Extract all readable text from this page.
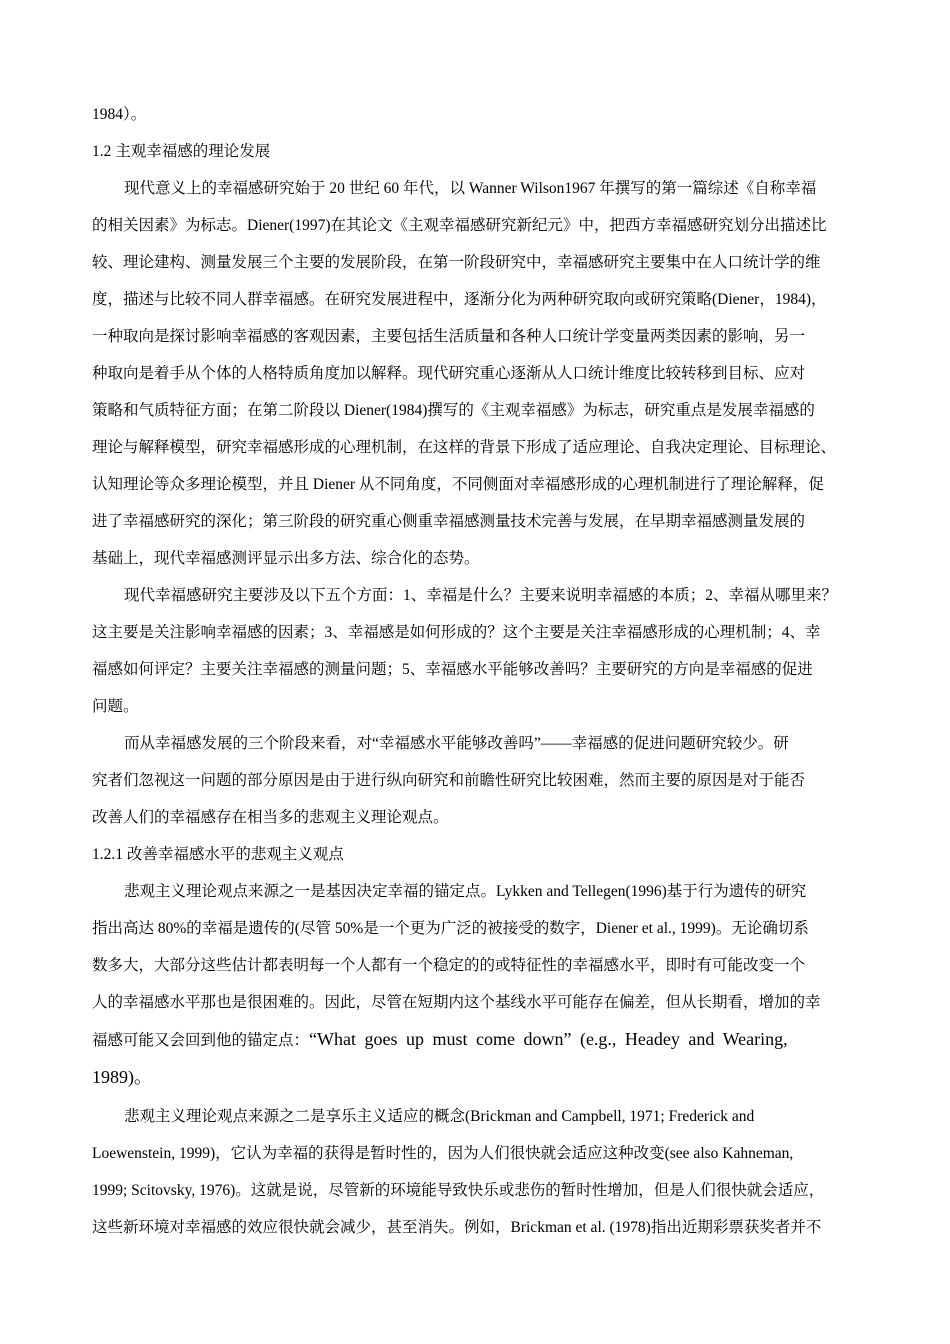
1984）。

1.2 主观幸福感的理论发展

现代意义上的幸福感研究始于 20 世纪 60 年代，以 Wanner Wilson1967 年撰写的第一篇综述《自称幸福

的相关因素》为标志。Diener(1997)在其论文《主观幸福感研究新纪元》中，把西方幸福感研究划分出描述比

较、理论建构、测量发展三个主要的发展阶段，在第一阶段研究中，幸福感研究主要集中在人口统计学的维

度，描述与比较不同人群幸福感。在研究发展进程中，逐渐分化为两种研究取向或研究策略(Diener，1984)，

一种取向是探讨影响幸福感的客观因素，主要包括生活质量和各种人口统计学变量两类因素的影响，另一

种取向是着手从个体的人格特质角度加以解释。现代研究重心逐渐从人口统计维度比较转移到目标、应对

策略和气质特征方面；在第二阶段以 Diener(1984)撰写的《主观幸福感》为标志，研究重点是发展幸福感的

理论与解释模型，研究幸福感形成的心理机制，在这样的背景下形成了适应理论、自我决定理论、目标理论、

认知理论等众多理论模型，并且 Diener 从不同角度，不同侧面对幸福感形成的心理机制进行了理论解释，促

进了幸福感研究的深化；第三阶段的研究重心侧重幸福感测量技术完善与发展，在早期幸福感测量发展的

基础上，现代幸福感测评显示出多方法、综合化的态势。

现代幸福感研究主要涉及以下五个方面：1、幸福是什么？主要来说明幸福感的本质；2、幸福从哪里来？

这主要是关注影响幸福感的因素；3、幸福感是如何形成的？这个主要是关注幸福感形成的心理机制；4、幸

福感如何评定？主要关注幸福感的测量问题；5、幸福感水平能够改善吗？主要研究的方向是幸福感的促进

问题。

而从幸福感发展的三个阶段来看，对“幸福感水平能够改善吗”——幸福感的促进问题研究较少。研

究者们忽视这一问题的部分原因是由于进行纵向研究和前瞻性研究比较困难，然而主要的原因是对于能否

改善人们的幸福感存在相当多的悲观主义理论观点。

1.2.1 改善幸福感水平的悲观主义观点

悲观主义理论观点来源之一是基因决定幸福的锚定点。Lykken and Tellegen(1996)基于行为遗传的研究

指出高达 80%的幸福是遗传的(尽管 50%是一个更为广泛的被接受的数字，Diener et al., 1999)。无论确切系

数多大，大部分这些估计都表明每一个人都有一个稳定的的或特征性的幸福感水平，即时有可能改变一个

人的幸福感水平那也是很困难的。因此，尽管在短期内这个基线水平可能存在偏差，但从长期看，增加的幸

福感可能又会回到他的锚定点：“What goes up must come down” (e.g., Headey and Wearing,

1989)。

悲观主义理论观点来源之二是享乐主义适应的概念(Brickman and Campbell, 1971; Frederick and

Loewenstein, 1999)，它认为幸福的获得是暂时性的，因为人们很快就会适应这种改变(see also Kahneman,

1999; Scitovsky, 1976)。这就是说，尽管新的环境能导致快乐或悲伤的暂时性增加，但是人们很快就会适应，

这些新环境对幸福感的效应很快就会减少，甚至消失。例如，Brickman et al. (1978)指出近期彩票获奖者并不
